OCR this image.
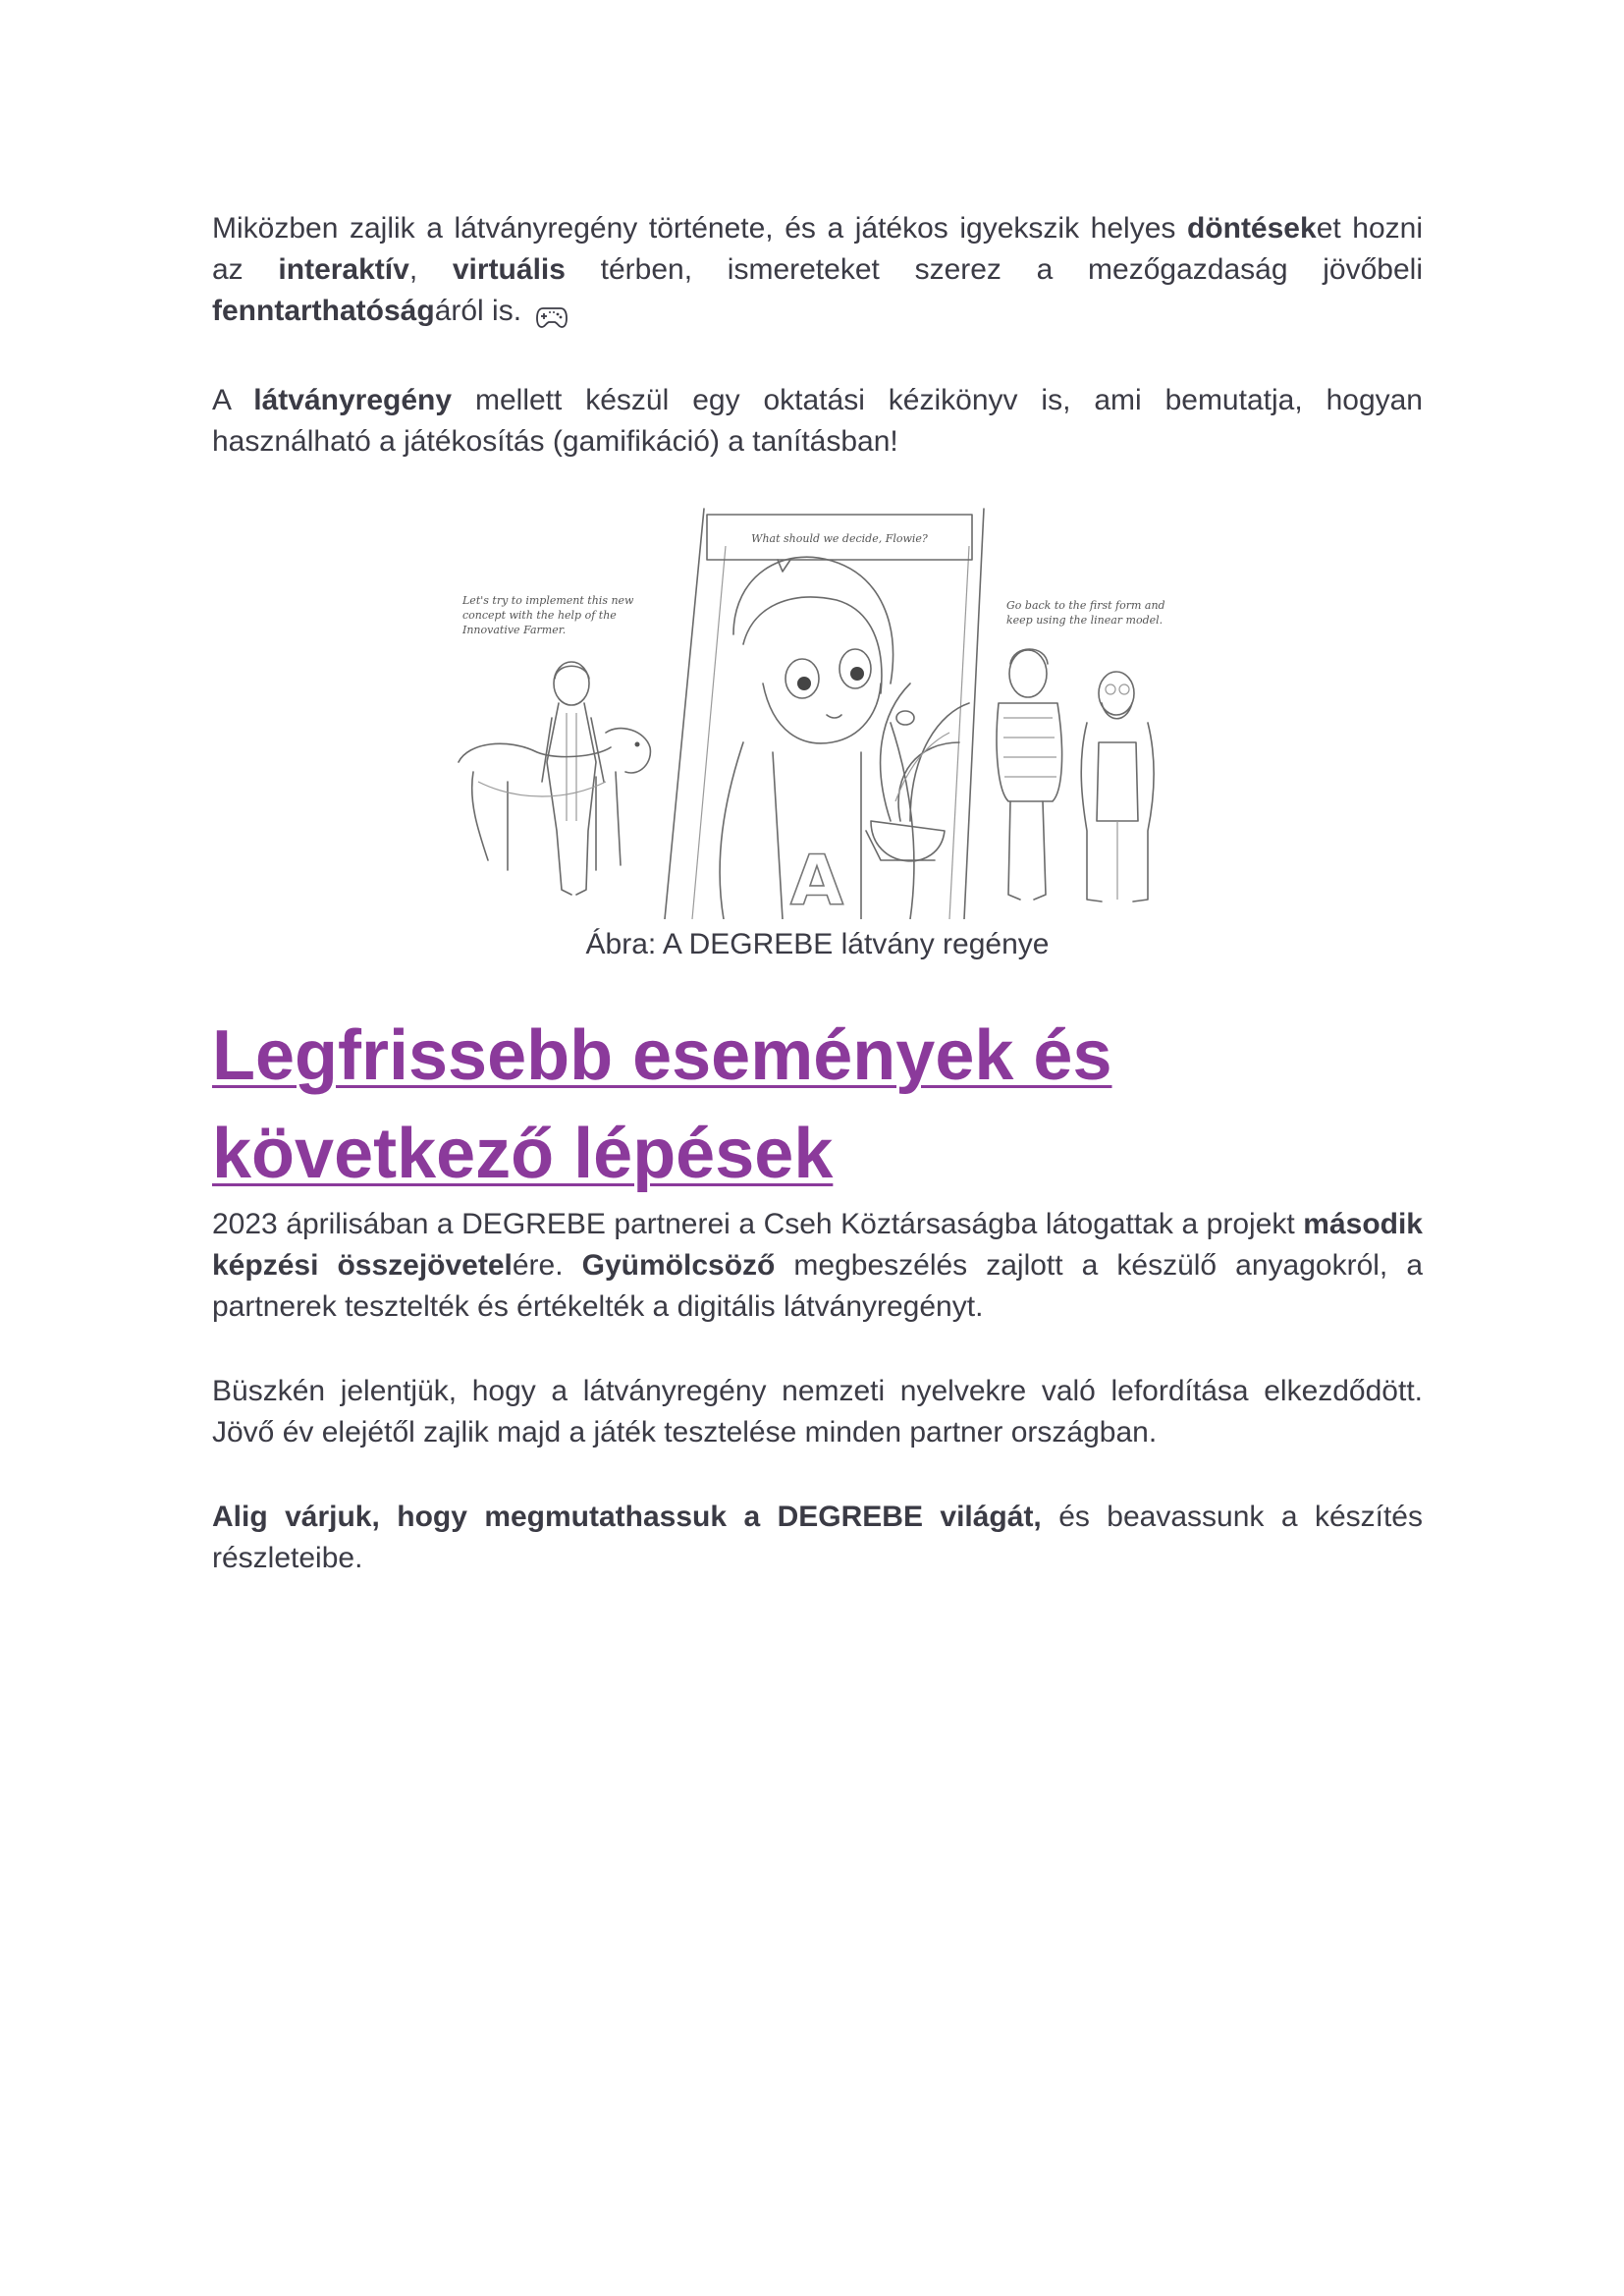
Miközben zajlik a látványregény története, és a játékos igyekszik helyes döntéseket hozni az interaktív, virtuális térben, ismereteket szerez a mezőgazdaság jövőbeli fenntarthatóságáról is.

A látványregény mellett készül egy oktatási kézikönyv is, ami bemutatja, hogyan használható a játékosítás (gamifikáció) a tanításban!

What should we decide, Flowie?
Let's try to implement this new
concept with the help of the
Innovative Farmer.
Go back to the first form and
keep using the linear model.
A
Ábra: A DEGREBE látvány regénye
Legfrissebb események és következő lépések

2023 áprilisában a DEGREBE partnerei a Cseh Köztársaságba látogattak a projekt második képzési összejövetelére. Gyümölcsöző megbeszélés zajlott a készülő anyagokról, a partnerek tesztelték és értékelték a digitális látványregényt.

Büszkén jelentjük, hogy a látványregény nemzeti nyelvekre való lefordítása elkezdődött. Jövő év elejétől zajlik majd a játék tesztelése minden partner országban.

Alig várjuk, hogy megmutathassuk a DEGREBE világát, és beavassunk a készítés részleteibe.
